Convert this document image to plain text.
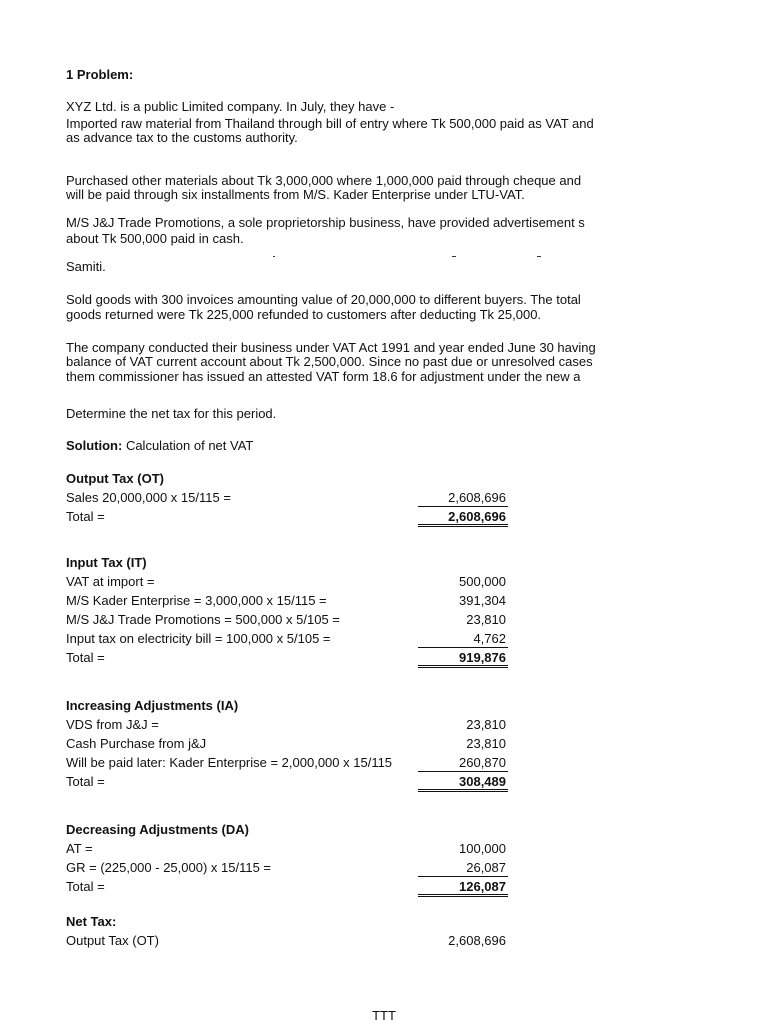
1 Problem:
XYZ Ltd. is a public Limited company. In July, they have -
Imported raw material from Thailand through bill of entry where Tk 500,000 paid as VAT and
as advance tax to the customs authority.
Purchased other materials about Tk 3,000,000 where 1,000,000 paid through cheque and
will be paid through six installments from M/S. Kader Enterprise under LTU-VAT.
M/S J&J Trade Promotions, a sole proprietorship business, have provided advertisement s
about Tk 500,000 paid in cash.
Samiti.
Sold goods with 300 invoices amounting value of 20,000,000 to different buyers. The total
goods returned were Tk 225,000 refunded to customers after deducting Tk 25,000.
The company conducted their business under VAT Act 1991 and year ended June 30 having
balance of VAT current account about Tk 2,500,000. Since no past due or unresolved cases
them commissioner has issued an attested VAT form 18.6 for adjustment under the new a
Determine the net tax for this period.
Solution: Calculation of net VAT
Output Tax (OT)
Sales 20,000,000 x 15/115 =	2,608,696
Total =	2,608,696
Input Tax (IT)
VAT at import =	500,000
M/S Kader Enterprise = 3,000,000 x 15/115 =	391,304
M/S J&J Trade Promotions = 500,000 x 5/105 =	23,810
Input tax on electricity bill = 100,000 x 5/105 =	4,762
Total =	919,876
Increasing Adjustments (IA)
VDS from J&J =	23,810
Cash Purchase from j&J	23,810
Will be paid later: Kader Enterprise = 2,000,000 x 15/115	260,870
Total =	308,489
Decreasing Adjustments (DA)
AT =	100,000
GR = (225,000 - 25,000) x 15/115 =	26,087
Total =	126,087
Net Tax:
Output Tax (OT)	2,608,696
TTT
